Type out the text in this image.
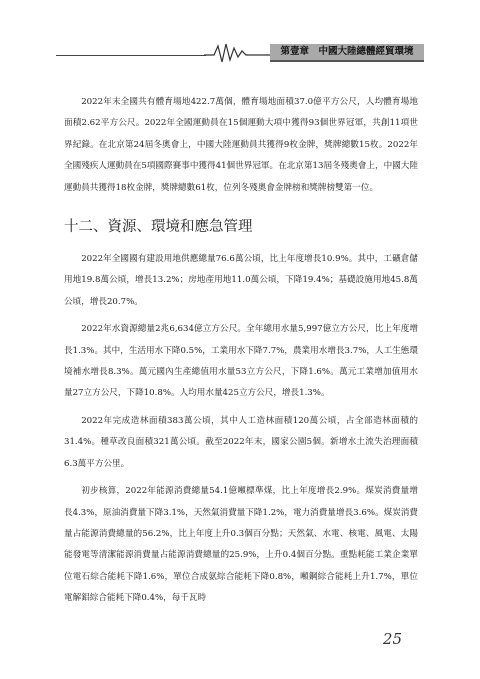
第壹章　中國大陸總體經貿環境

2022年末全國共有體育場地422.7萬個，體育場地面積37.0億平方公尺，人均體育場地面積2.62平方公尺。2022年全國運動員在15個運動大項中獲得93個世界冠軍，共創11項世界紀錄。在北京第24屆冬奧會上，中國大陸運動員共獲得9枚金牌，獎牌總數15枚。2022年全國殘疾人運動員在5項國際賽事中獲得41個世界冠軍。在北京第13屆冬殘奧會上，中國大陸運動員共獲得18枚金牌，獎牌總數61枚，位列冬殘奧會金牌榜和獎牌榜雙第一位。

十二、資源、環境和應急管理

2022年全國國有建設用地供應總量76.6萬公頃，比上年度增長10.9%。其中，工礦倉儲用地19.8萬公頃，增長13.2%；房地產用地11.0萬公頃，下降19.4%；基礎設施用地45.8萬公頃，增長20.7%。

2022年水資源總量2兆6,634億立方公尺。全年總用水量5,997億立方公尺，比上年度增長1.3%。其中，生活用水下降0.5%，工業用水下降7.7%，農業用水增長3.7%，人工生態環境補水增長8.3%。萬元國內生產總值用水量53立方公尺，下降1.6%。萬元工業增加值用水量27立方公尺，下降10.8%。人均用水量425立方公尺，增長1.3%。

2022年完成造林面積383萬公頃，其中人工造林面積120萬公頃，占全部造林面積的31.4%。種草改良面積321萬公頃。截至2022年末，國家公園5個。新增水土流失治理面積6.3萬平方公里。

初步核算，2022年能源消費總量54.1億噸標準煤，比上年度增長2.9%。煤炭消費量增長4.3%，原油消費量下降3.1%，天然氣消費量下降1.2%，電力消費量增長3.6%。煤炭消費量占能源消費總量的56.2%，比上年度上升0.3個百分點；天然氣、水電、核電、風電、太陽能發電等清潔能源消費量占能源消費總量的25.9%，上升0.4個百分點。重點耗能工業企業單位電石綜合能耗下降1.6%，單位合成氨綜合能耗下降0.8%，噸鋼綜合能耗上升1.7%，單位電解鋁綜合能耗下降0.4%，每千瓦時

25
